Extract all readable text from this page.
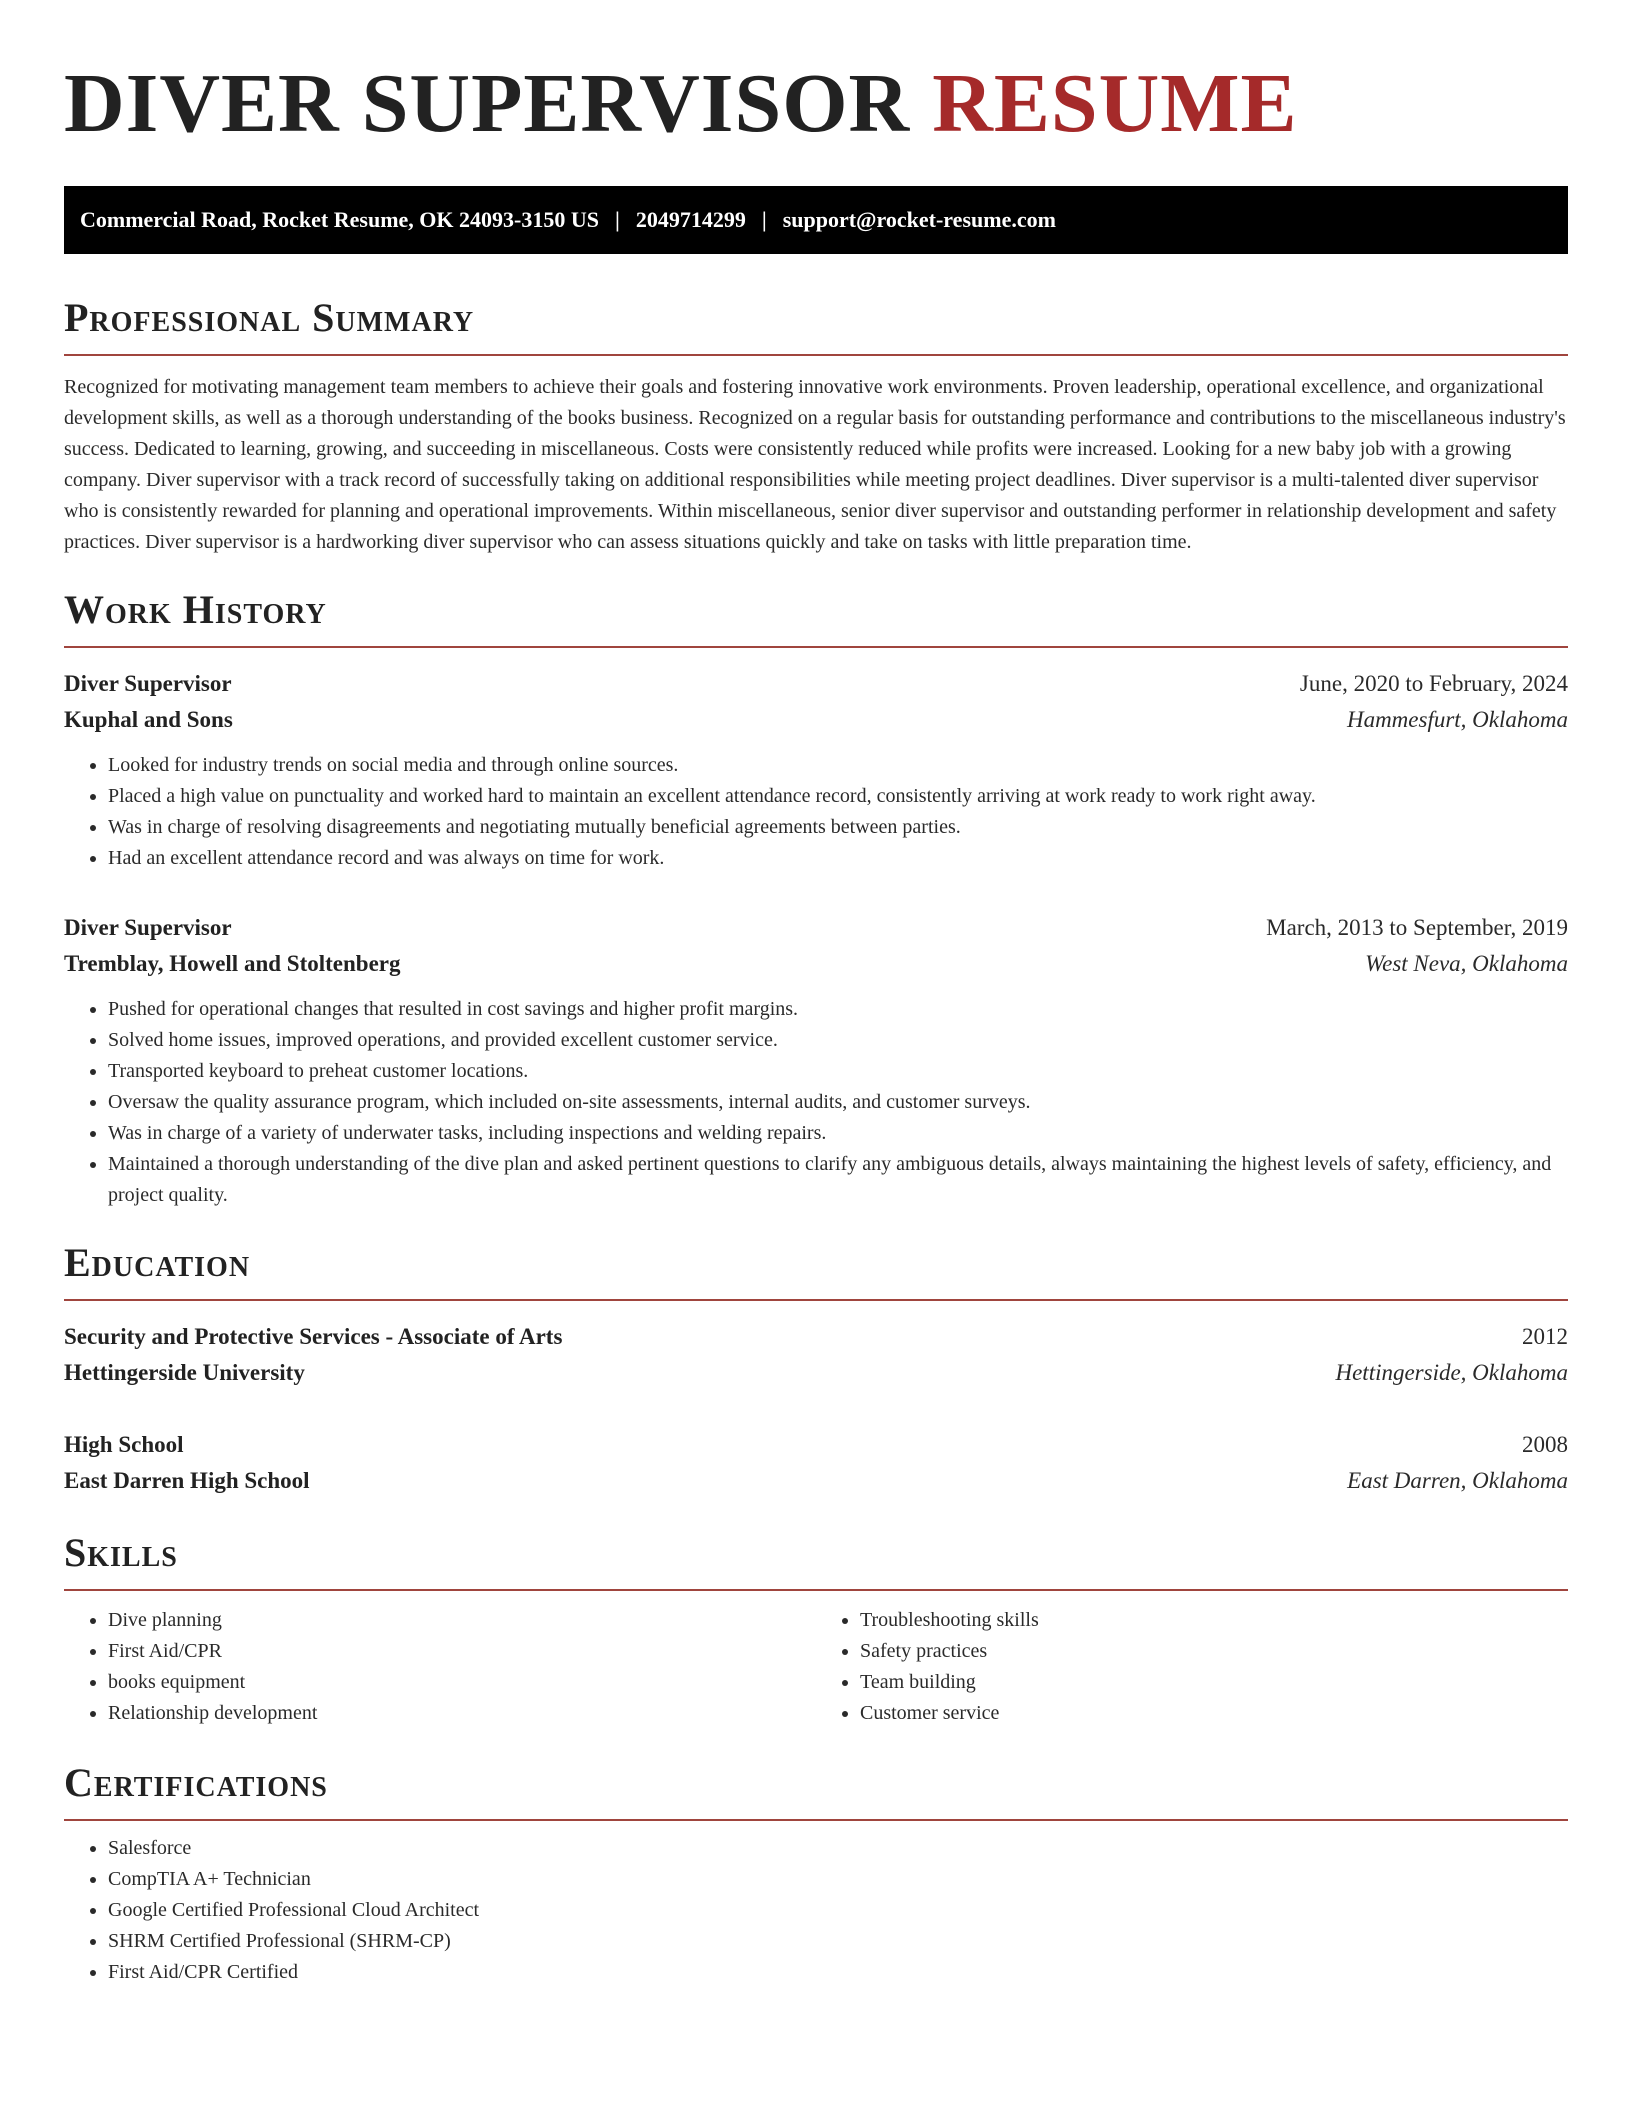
DIVER SUPERVISOR RESUME
Commercial Road, Rocket Resume, OK 24093-3150 US | 2049714299 | support@rocket-resume.com
Professional Summary

Recognized for motivating management team members to achieve their goals and fostering innovative work environments. Proven leadership, operational excellence, and organizational development skills, as well as a thorough understanding of the books business. Recognized on a regular basis for outstanding performance and contributions to the miscellaneous industry's success. Dedicated to learning, growing, and succeeding in miscellaneous. Costs were consistently reduced while profits were increased. Looking for a new baby job with a growing company. Diver supervisor with a track record of successfully taking on additional responsibilities while meeting project deadlines. Diver supervisor is a multi-talented diver supervisor who is consistently rewarded for planning and operational improvements. Within miscellaneous, senior diver supervisor and outstanding performer in relationship development and safety practices. Diver supervisor is a hardworking diver supervisor who can assess situations quickly and take on tasks with little preparation time.

Work History
Diver Supervisor	June, 2020 to February, 2024
Kuphal and Sons	Hammesfurt, Oklahoma
• Looked for industry trends on social media and through online sources.
• Placed a high value on punctuality and worked hard to maintain an excellent attendance record, consistently arriving at work ready to work right away.
• Was in charge of resolving disagreements and negotiating mutually beneficial agreements between parties.
• Had an excellent attendance record and was always on time for work.
Diver Supervisor	March, 2013 to September, 2019
Tremblay, Howell and Stoltenberg	West Neva, Oklahoma
• Pushed for operational changes that resulted in cost savings and higher profit margins.
• Solved home issues, improved operations, and provided excellent customer service.
• Transported keyboard to preheat customer locations.
• Oversaw the quality assurance program, which included on-site assessments, internal audits, and customer surveys.
• Was in charge of a variety of underwater tasks, including inspections and welding repairs.
• Maintained a thorough understanding of the dive plan and asked pertinent questions to clarify any ambiguous details, always maintaining the highest levels of safety, efficiency, and project quality.
Education
Security and Protective Services - Associate of Arts	2012
Hettingerside University	Hettingerside, Oklahoma
High School	2008
East Darren High School	East Darren, Oklahoma
Skills
• Dive planning
• First Aid/CPR
• books equipment
• Relationship development
• Troubleshooting skills
• Safety practices
• Team building
• Customer service
Certifications
• Salesforce
• CompTIA A+ Technician
• Google Certified Professional Cloud Architect
• SHRM Certified Professional (SHRM-CP)
• First Aid/CPR Certified
